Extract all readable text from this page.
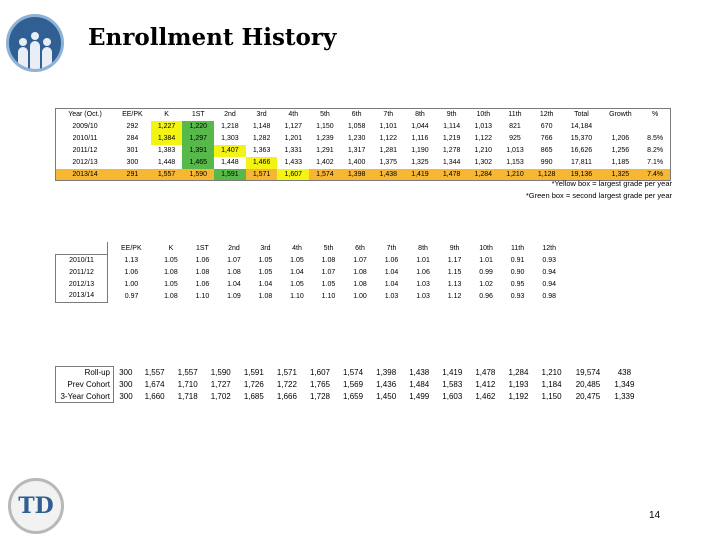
Enrollment History
Year (Oct.)	EE/PK	K	1ST	2nd	3rd	4th	5th	6th	7th	8th	9th	10th	11th	12th	Total	Growth	%
2009/10	292	1,227	1,220	1,218	1,148	1,127	1,150	1,058	1,101	1,044	1,114	1,013	821	670	14,184		
2010/11	284	1,384	1,297	1,303	1,282	1,201	1,239	1,230	1,122	1,116	1,219	1,122	925	766	15,370	1,206	8.5%
2011/12	301	1,383	1,391	1,407	1,363	1,331	1,291	1,317	1,281	1,190	1,278	1,210	1,013	865	16,626	1,256	8.2%
2012/13	300	1,448	1,465	1,448	1,466	1,433	1,402	1,400	1,375	1,325	1,344	1,302	1,153	990	17,811	1,185	7.1%
2013/14	291	1,557	1,590	1,591	1,571	1,607	1,574	1,398	1,438	1,419	1,478	1,284	1,210	1,128	19,136	1,325	7.4%
*Yellow box = largest grade per year
*Green box = second largest grade per year
	EE/PK	K	1ST	2nd	3rd	4th	5th	6th	7th	8th	9th	10th	11th	12th
2010/11	1.13	1.05	1.06	1.07	1.05	1.05	1.08	1.07	1.06	1.01	1.17	1.01	0.91	0.93
2011/12	1.06	1.08	1.08	1.08	1.05	1.04	1.07	1.08	1.04	1.06	1.15	0.99	0.90	0.94
2012/13	1.00	1.05	1.06	1.04	1.04	1.05	1.05	1.08	1.04	1.03	1.13	1.02	0.95	0.94
2013/14	0.97	1.08	1.10	1.09	1.08	1.10	1.10	1.00	1.03	1.03	1.12	0.96	0.93	0.98
Roll-up	300	1,557	1,557	1,590	1,591	1,571	1,607	1,574	1,398	1,438	1,419	1,478	1,284	1,210	19,574	438
Prev Cohort	300	1,674	1,710	1,727	1,726	1,722	1,765	1,569	1,436	1,484	1,583	1,412	1,193	1,184	20,485	1,349
3-Year Cohort	300	1,660	1,718	1,702	1,685	1,666	1,728	1,659	1,450	1,499	1,603	1,462	1,192	1,150	20,475	1,339
TD	14
